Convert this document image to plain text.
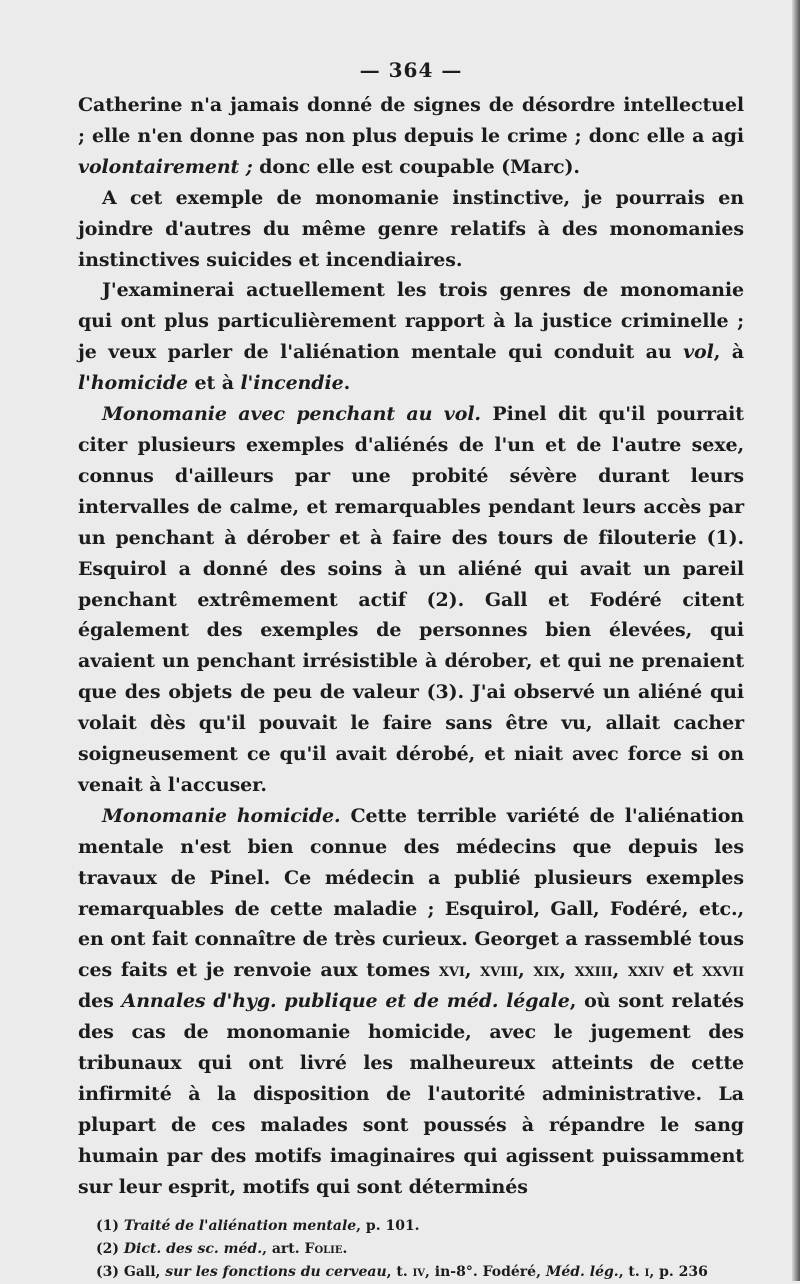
— 364 —

Catherine n'a jamais donné de signes de désordre intellectuel ; elle n'en donne pas non plus depuis le crime ; donc elle a agi volontairement ; donc elle est coupable (Marc).

A cet exemple de monomanie instinctive, je pourrais en joindre d'autres du même genre relatifs à des monomanies instinctives suicides et incendiaires.

J'examinerai actuellement les trois genres de monomanie qui ont plus particulièrement rapport à la justice criminelle ; je veux parler de l'aliénation mentale qui conduit au vol, à l'homicide et à l'incendie.

Monomanie avec penchant au vol. Pinel dit qu'il pourrait citer plusieurs exemples d'aliénés de l'un et de l'autre sexe, connus d'ailleurs par une probité sévère durant leurs intervalles de calme, et remarquables pendant leurs accès par un penchant à dérober et à faire des tours de filouterie (1). Esquirol a donné des soins à un aliéné qui avait un pareil penchant extrêmement actif (2). Gall et Fodéré citent également des exemples de personnes bien élevées, qui avaient un penchant irrésistible à dérober, et qui ne prenaient que des objets de peu de valeur (3). J'ai observé un aliéné qui volait dès qu'il pouvait le faire sans être vu, allait cacher soigneusement ce qu'il avait dérobé, et niait avec force si on venait à l'accuser.

Monomanie homicide. Cette terrible variété de l'aliénation mentale n'est bien connue des médecins que depuis les travaux de Pinel. Ce médecin a publié plusieurs exemples remarquables de cette maladie ; Esquirol, Gall, Fodéré, etc., en ont fait connaître de très curieux. Georget a rassemblé tous ces faits et je renvoie aux tomes xvi, xviii, xix, xxiii, xxiv et xxvii des Annales d'hyg. publique et de méd. légale, où sont relatés des cas de monomanie homicide, avec le jugement des tribunaux qui ont livré les malheureux atteints de cette infirmité à la disposition de l'autorité administrative. La plupart de ces malades sont poussés à répandre le sang humain par des motifs imaginaires qui agissent puissamment sur leur esprit, motifs qui sont déterminés

(1) Traité de l'aliénation mentale, p. 101.

(2) Dict. des sc. méd., art. Folie.

(3) Gall, sur les fonctions du cerveau, t. iv, in-8°. Fodéré, Méd. lég., t. i, p. 236
